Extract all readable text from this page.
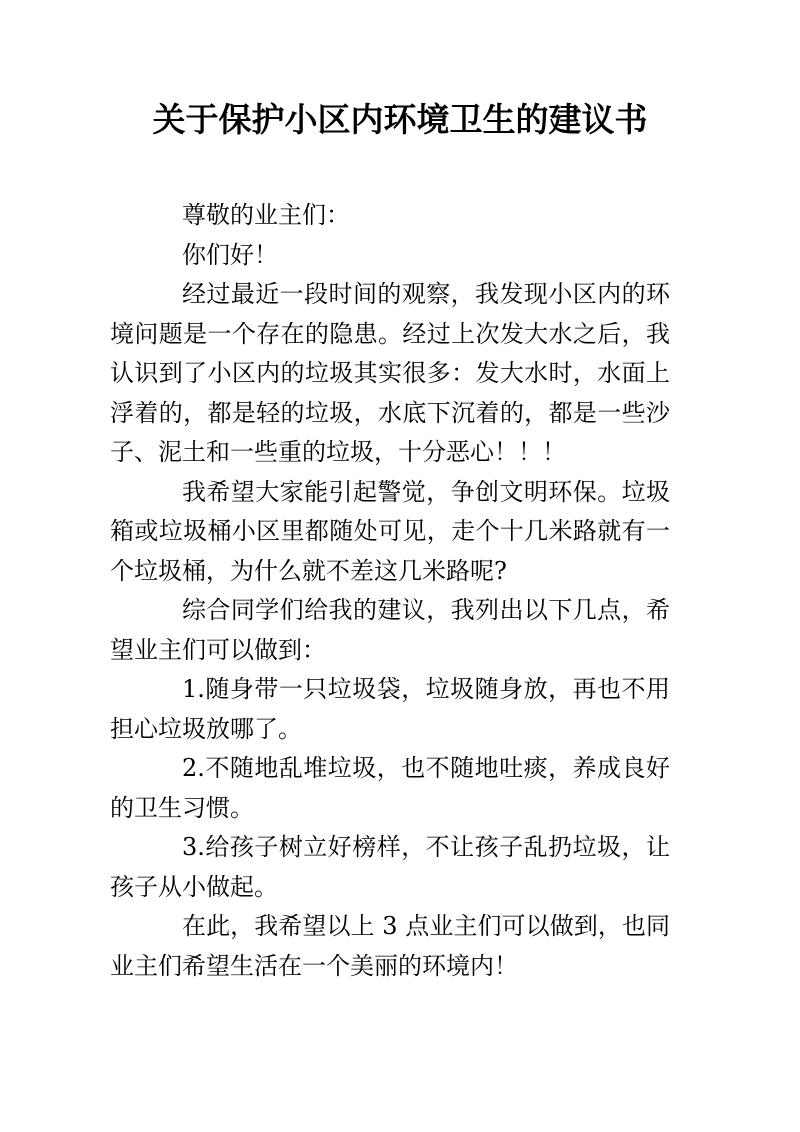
关于保护小区内环境卫生的建议书

尊敬的业主们：

你们好！

经过最近一段时间的观察，我发现小区内的环境问题是一个存在的隐患。经过上次发大水之后，我认识到了小区内的垃圾其实很多：发大水时，水面上浮着的，都是轻的垃圾，水底下沉着的，都是一些沙子、泥土和一些重的垃圾，十分恶心！！！

我希望大家能引起警觉，争创文明环保。垃圾箱或垃圾桶小区里都随处可见，走个十几米路就有一个垃圾桶，为什么就不差这几米路呢?

综合同学们给我的建议，我列出以下几点，希望业主们可以做到：

1.随身带一只垃圾袋，垃圾随身放，再也不用担心垃圾放哪了。

2.不随地乱堆垃圾，也不随地吐痰，养成良好的卫生习惯。

3.给孩子树立好榜样，不让孩子乱扔垃圾，让孩子从小做起。

在此，我希望以上 3 点业主们可以做到，也同业主们希望生活在一个美丽的环境内！
